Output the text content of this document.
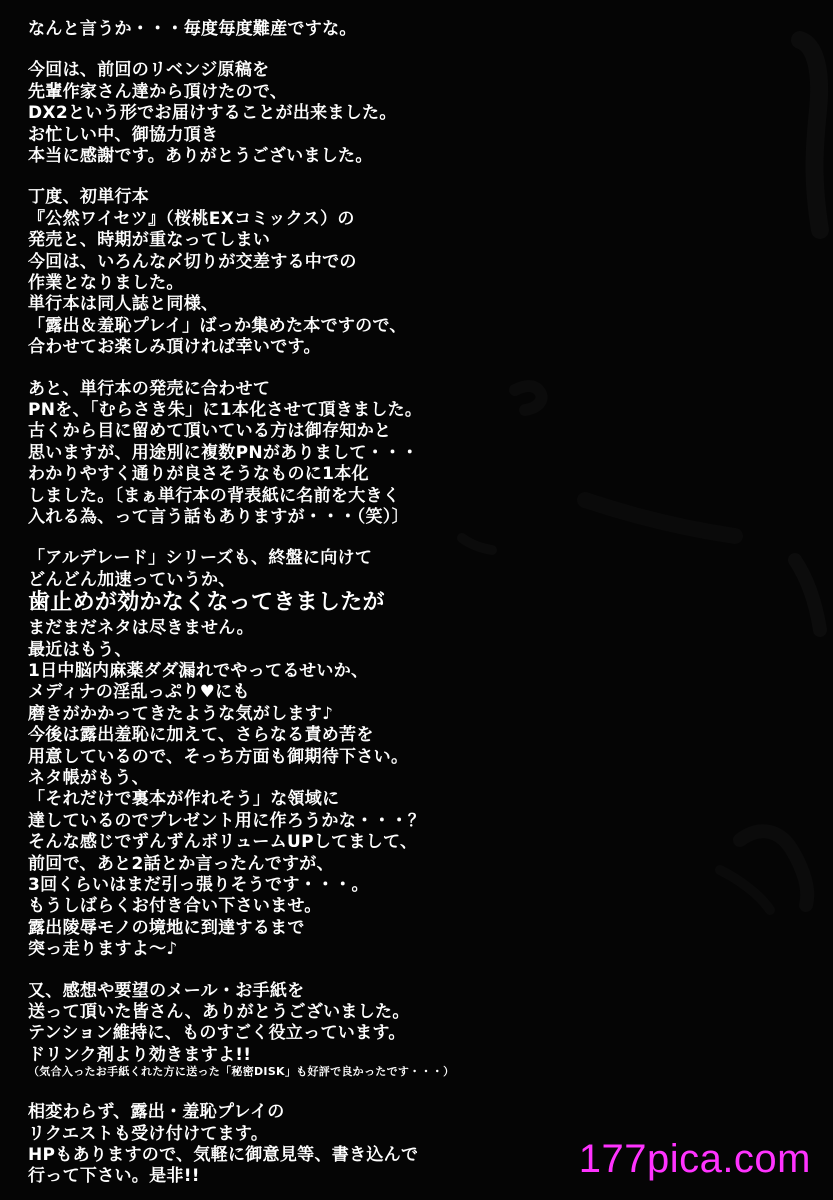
なんと言うか・・・毎度毎度難産ですな。
今回は、前回のリベンジ原稿を
先輩作家さん達から頂けたので、
DX2という形でお届けすることが出来ました。
お忙しい中、御協力頂き
本当に感謝です。ありがとうございました。
丁度、初単行本
『公然ワイセツ』（桜桃EXコミックス）の
発売と、時期が重なってしまい
今回は、いろんな〆切りが交差する中での
作業となりました。
単行本は同人誌と同様、
「露出＆羞恥プレイ」ばっか集めた本ですので、
合わせてお楽しみ頂ければ幸いです。
あと、単行本の発売に合わせて
PNを、「むらさき朱」に1本化させて頂きました。
古くから目に留めて頂いている方は御存知かと
思いますが、用途別に複数PNがありまして・・・
わかりやすく通りが良さそうなものに1本化
しました。〔まぁ単行本の背表紙に名前を大きく
入れる為、って言う話もありますが・・・（笑）〕
「アルデレード」シリーズも、終盤に向けて
どんどん加速っていうか、
歯止めが効かなくなってきましたが
まだまだネタは尽きません。
最近はもう、
1日中脳内麻薬ダダ漏れでやってるせいか、
メディナの淫乱っぷり♥にも
磨きがかかってきたような気がします♪
今後は露出羞恥に加えて、さらなる責め苦を
用意しているので、そっち方面も御期待下さい。
ネタ帳がもう、
「それだけで裏本が作れそう」な領域に
達しているのでプレゼント用に作ろうかな・・・？
そんな感じでずんずんボリュームUPしてまして、
前回で、あと2話とか言ったんですが、
3回くらいはまだ引っ張りそうです・・・。
もうしばらくお付き合い下さいませ。
露出陵辱モノの境地に到達するまで
突っ走りますよ〜♪
又、感想や要望のメール・お手紙を
送って頂いた皆さん、ありがとうございました。
テンション維持に、ものすごく役立っています。
ドリンク剤より効きますよ!!
（気合入ったお手紙くれた方に送った「秘密DISK」も好評で良かったです・・・）
相変わらず、露出・羞恥プレイの
リクエストも受け付けてます。
HPもありますので、気軽に御意見等、書き込んで
行って下さい。是非!!	177pica.com
